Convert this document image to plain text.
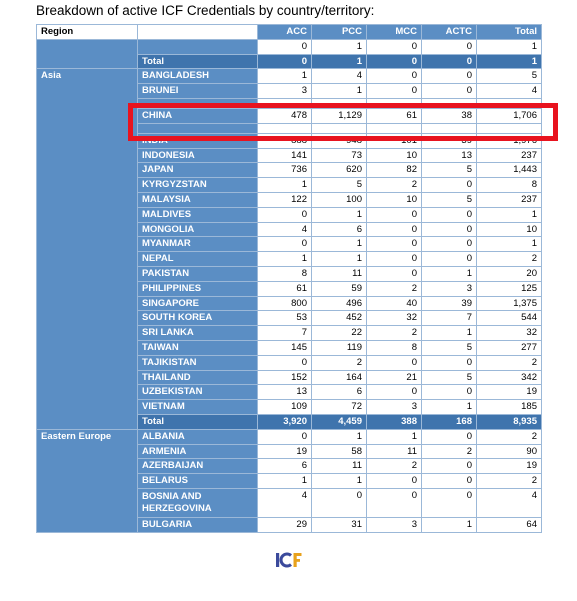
Breakdown of active ICF Credentials by country/territory:
Region		ACC	PCC	MCC	ACTC	Total
		0	1	0	0	1
	Total	0	1	0	0	1
Asia	BANGLADESH	1	4	0	0	5
	BRUNEI	3	1	0	0	4

	CHINA	478	1,129	61	38	1,706

	INDIA	888	948	101	39	1,976
	INDONESIA	141	73	10	13	237
	JAPAN	736	620	82	5	1,443
	KYRGYZSTAN	1	5	2	0	8
	MALAYSIA	122	100	10	5	237
	MALDIVES	0	1	0	0	1
	MONGOLIA	4	6	0	0	10
	MYANMAR	0	1	0	0	1
	NEPAL	1	1	0	0	2
	PAKISTAN	8	11	0	1	20
	PHILIPPINES	61	59	2	3	125
	SINGAPORE	800	496	40	39	1,375
	SOUTH KOREA	53	452	32	7	544
	SRI LANKA	7	22	2	1	32
	TAIWAN	145	119	8	5	277
	TAJIKISTAN	0	2	0	0	2
	THAILAND	152	164	21	5	342
	UZBEKISTAN	13	6	0	0	19
	VIETNAM	109	72	3	1	185
	Total	3,920	4,459	388	168	8,935
Eastern Europe	ALBANIA	0	1	1	0	2
	ARMENIA	19	58	11	2	90
	AZERBAIJAN	6	11	2	0	19
	BELARUS	1	1	0	0	2
	BOSNIA AND HERZEGOVINA	4	0	0	0	4
	BULGARIA	29	31	3	1	64
